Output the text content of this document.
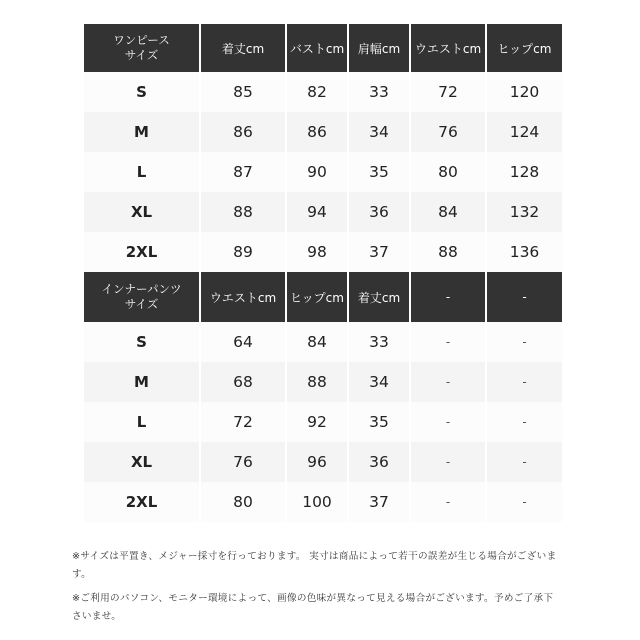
ワンピース
サイズ	着丈cm	バストcm	肩幅cm	ウエストcm	ヒップcm
S	85	82	33	72	120
M	86	86	34	76	124
L	87	90	35	80	128
XL	88	94	36	84	132
2XL	89	98	37	88	136
インナーパンツ
サイズ	ウエストcm	ヒップcm	着丈cm	-	-
S	64	84	33	-	-
M	68	88	34	-	-
L	72	92	35	-	-
XL	76	96	36	-	-
2XL	80	100	37	-	-
※サイズは平置き、メジャー採寸を行っております。 実寸は商品によって若干の誤差が生じる場合がございま
す。
※ご利用のパソコン、モニター環境によって、画像の色味が異なって見える場合がございます。予めご了承下
さいませ。
